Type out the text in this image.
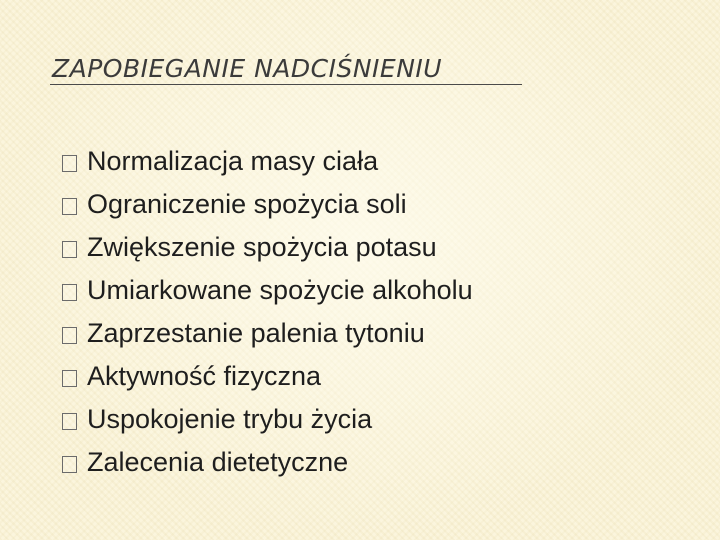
ZAPOBIEGANIE NADCIŚNIENIU
Normalizacja masy ciała
Ograniczenie spożycia soli
Zwiększenie spożycia potasu
Umiarkowane spożycie alkoholu
Zaprzestanie palenia tytoniu
Aktywność fizyczna
Uspokojenie trybu życia
Zalecenia dietetyczne
